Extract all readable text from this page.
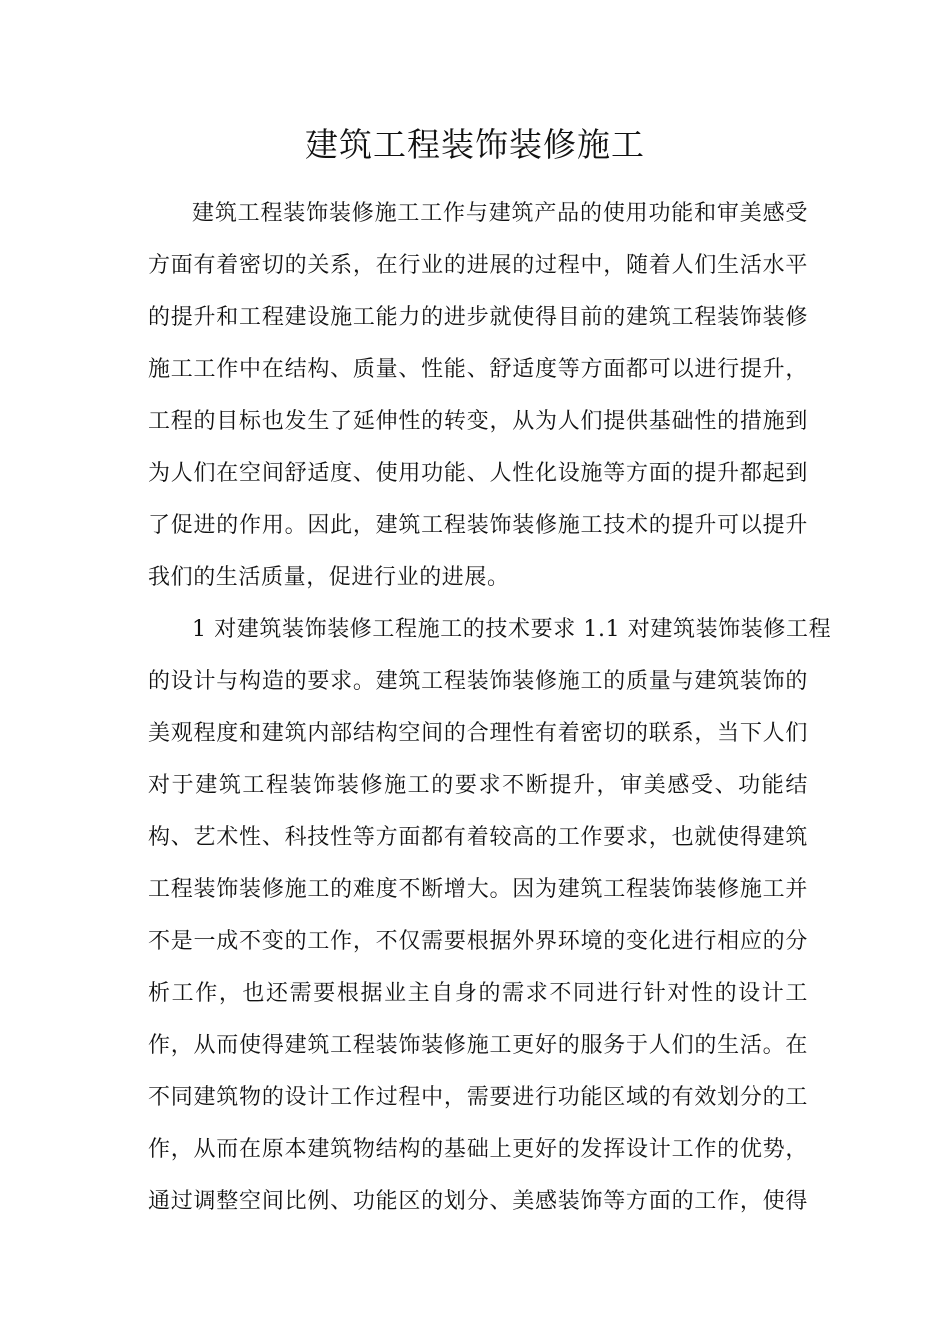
建筑工程装饰装修施工

建筑工程装饰装修施工工作与建筑产品的使用功能和审美感受

方面有着密切的关系，在行业的进展的过程中，随着人们生活水平

的提升和工程建设施工能力的进步就使得目前的建筑工程装饰装修

施工工作中在结构、质量、性能、舒适度等方面都可以进行提升，

工程的目标也发生了延伸性的转变，从为人们提供基础性的措施到

为人们在空间舒适度、使用功能、人性化设施等方面的提升都起到

了促进的作用。因此，建筑工程装饰装修施工技术的提升可以提升

我们的生活质量，促进行业的进展。

1 对建筑装饰装修工程施工的技术要求 1.1 对建筑装饰装修工程

的设计与构造的要求。建筑工程装饰装修施工的质量与建筑装饰的

美观程度和建筑内部结构空间的合理性有着密切的联系，当下人们

对于建筑工程装饰装修施工的要求不断提升，审美感受、功能结

构、艺术性、科技性等方面都有着较高的工作要求，也就使得建筑

工程装饰装修施工的难度不断增大。因为建筑工程装饰装修施工并

不是一成不变的工作，不仅需要根据外界环境的变化进行相应的分

析工作，也还需要根据业主自身的需求不同进行针对性的设计工

作，从而使得建筑工程装饰装修施工更好的服务于人们的生活。在

不同建筑物的设计工作过程中，需要进行功能区域的有效划分的工

作，从而在原本建筑物结构的基础上更好的发挥设计工作的优势，

通过调整空间比例、功能区的划分、美感装饰等方面的工作，使得
